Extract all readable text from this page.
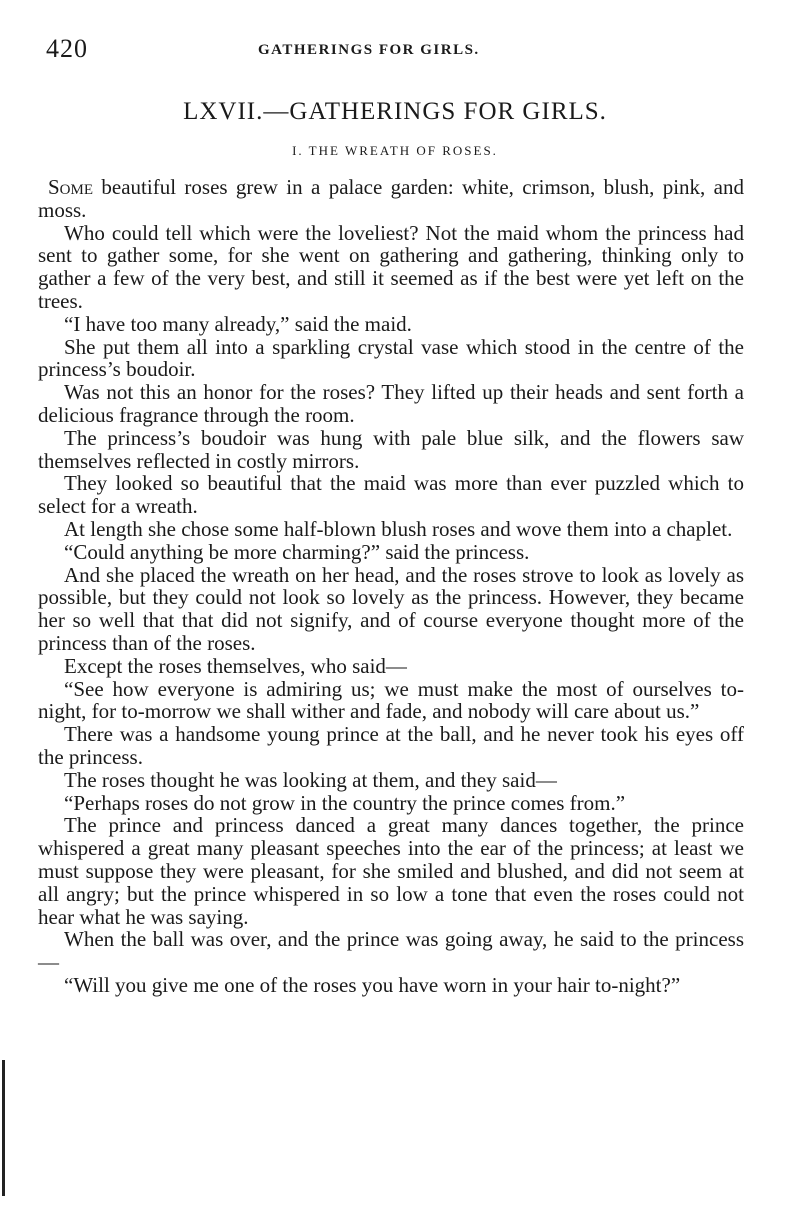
420	GATHERINGS FOR GIRLS.
LXVII.—GATHERINGS FOR GIRLS.
I. THE WREATH OF ROSES.

Some beautiful roses grew in a palace garden: white, crimson, blush, pink, and moss.

Who could tell which were the loveliest? Not the maid whom the princess had sent to gather some, for she went on gathering and gathering, thinking only to gather a few of the very best, and still it seemed as if the best were yet left on the trees.

“I have too many already,” said the maid.

She put them all into a sparkling crystal vase which stood in the centre of the princess’s boudoir.

Was not this an honor for the roses? They lifted up their heads and sent forth a delicious fragrance through the room.

The princess’s boudoir was hung with pale blue silk, and the flowers saw themselves reflected in costly mirrors.

They looked so beautiful that the maid was more than ever puzzled which to select for a wreath.

At length she chose some half-blown blush roses and wove them into a chaplet.

“Could anything be more charming?” said the princess.

And she placed the wreath on her head, and the roses strove to look as lovely as possible, but they could not look so lovely as the princess. However, they became her so well that that did not signify, and of course everyone thought more of the princess than of the roses.

Except the roses themselves, who said—

“See how everyone is admiring us; we must make the most of ourselves to-night, for to-morrow we shall wither and fade, and nobody will care about us.”

There was a handsome young prince at the ball, and he never took his eyes off the princess.

The roses thought he was looking at them, and they said—

“Perhaps roses do not grow in the country the prince comes from.”

The prince and princess danced a great many dances together, the prince whispered a great many pleasant speeches into the ear of the princess; at least we must suppose they were pleasant, for she smiled and blushed, and did not seem at all angry; but the prince whispered in so low a tone that even the roses could not hear what he was saying.

When the ball was over, and the prince was going away, he said to the princess—

“Will you give me one of the roses you have worn in your hair to-night?”
